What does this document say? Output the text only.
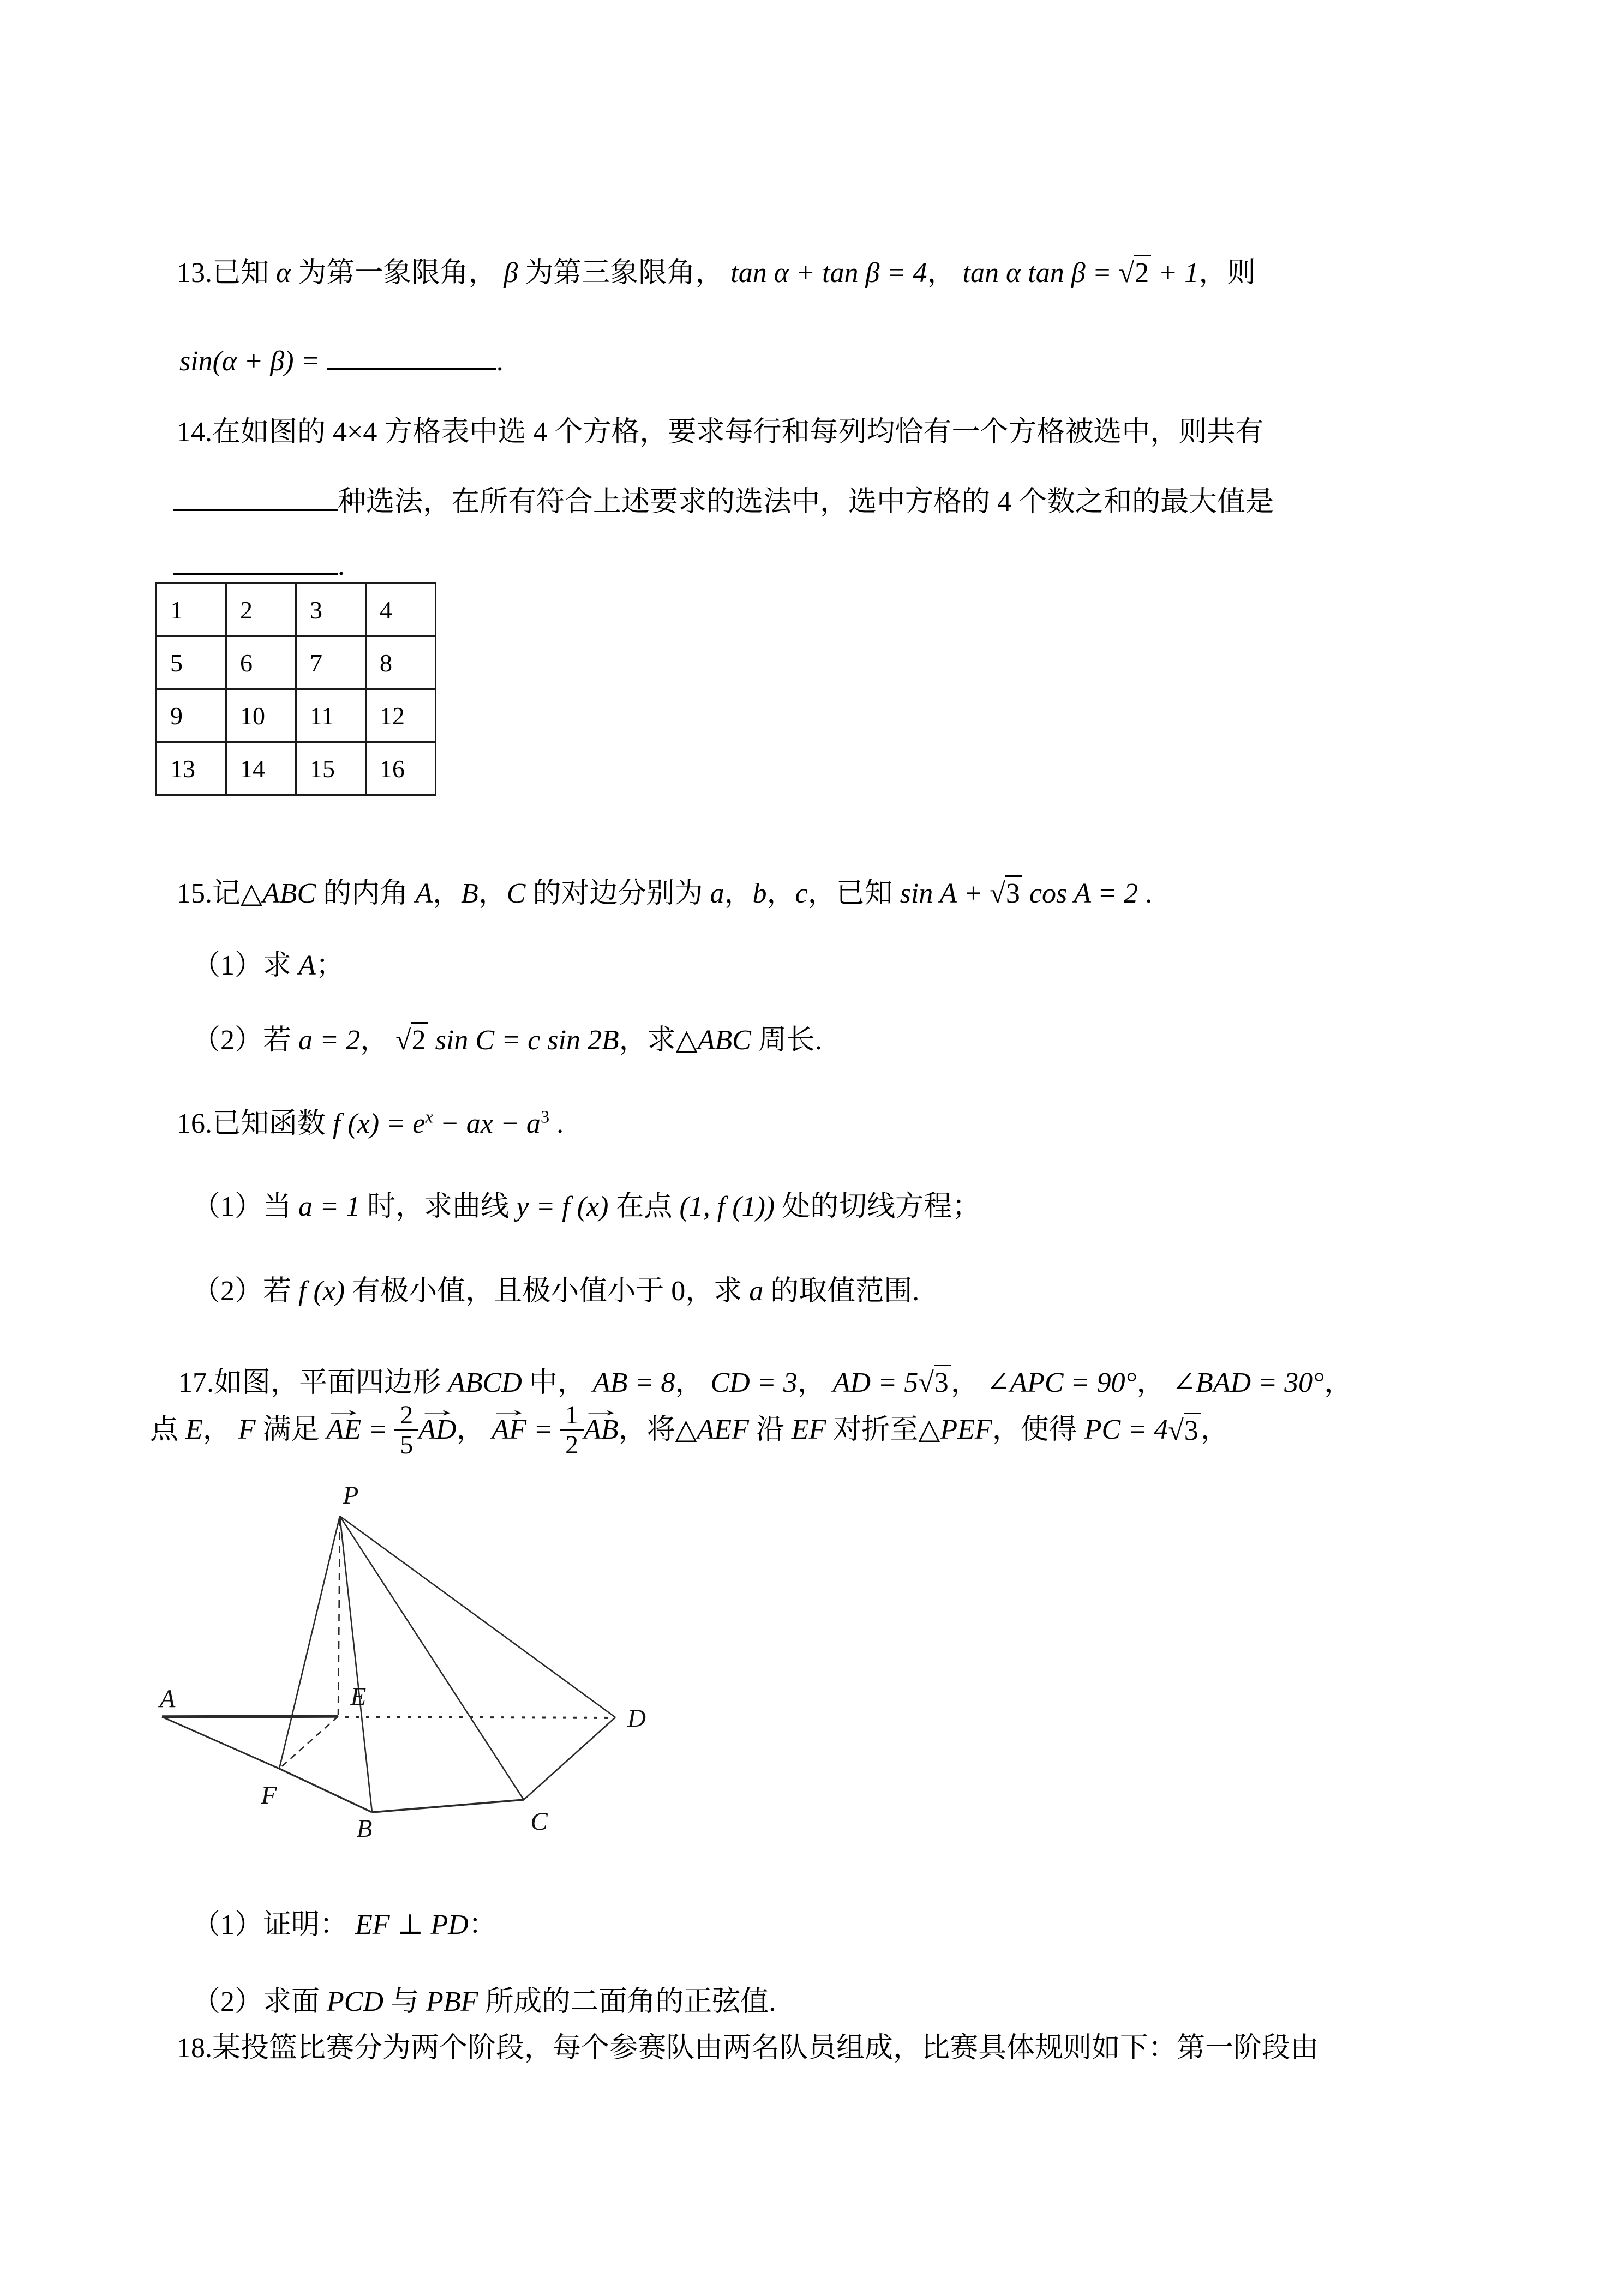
13.已知 α 为第一象限角， β 为第三象限角， tan α + tan β = 4， tan α tan β = √2 + 1，则

sin(α + β) =	.

14.在如图的 4×4 方格表中选 4 个方格，要求每行和每列均恰有一个方格被选中，则共有

种选法，在所有符合上述要求的选法中，选中方格的 4 个数之和的最大值是

.

1	2	3	4
5	6	7	8
9	10	11	12
13	14	15	16

15.记△ABC 的内角 A，B，C 的对边分别为 a，b，c，已知 sin A + √3 cos A = 2 .

（1）求 A；

（2）若 a = 2， √2 sin C = c sin 2B，求△ABC 周长.

16.已知函数 f $(x) = e^x$ − ax − $a^3$ .

（1）当 a = 1 时，求曲线 y = f (x) 在点 (1, f (1)) 处的切线方程；

（2）若 f (x) 有极小值，且极小值小于 0，求 a 的取值范围.

17.如图，平面四边形 ABCD 中， AB = 8， CD = 3， AD = 5√3， ∠APC = 90°， ∠BAD = 30°，

点 E ， F 满足
→
AE = $\frac{2}{5}$
→
AD ，
→
AF = $\frac{1}{2}$
→
AB ，将△ AEF 沿 EF 对折至△ PEF ，使得 PC = 4 √3 ，
P
A	E
D
F
B	C

（1）证明： EF ⊥ PD：

（2）求面 PCD 与 PBF 所成的二面角的正弦值.

18.某投篮比赛分为两个阶段，每个参赛队由两名队员组成，比赛具体规则如下：第一阶段由
